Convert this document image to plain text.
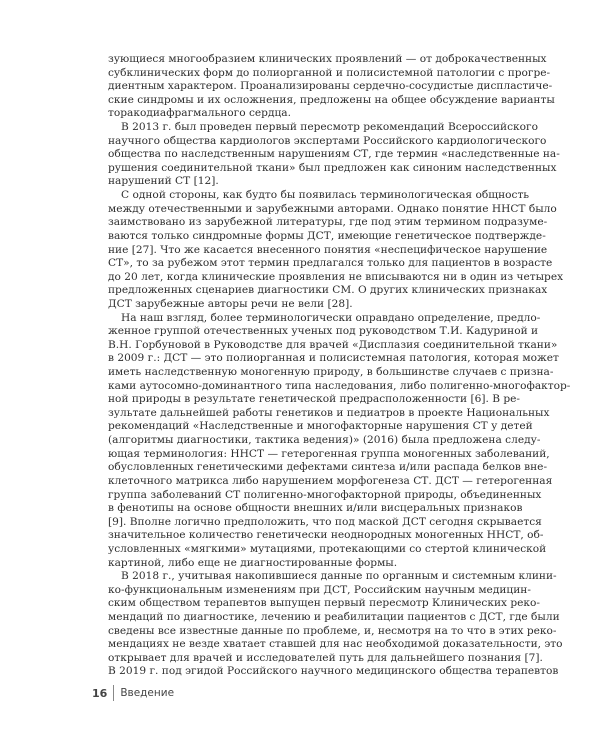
зующиеся многообразием клинических проявлений — от доброкачественных
субклинических форм до полиорганной и полисистемной патологии с прогре-
диентным характером. Проанализированы сердечно-сосудистые диспластиче-
ские синдромы и их осложнения, предложены на общее обсуждение варианты
торакодиафрагмального сердца.

В 2013 г. был проведен первый пересмотр рекомендаций Всероссийского
научного общества кардиологов экспертами Российского кардиологического
общества по наследственным нарушениям СТ, где термин «наследственные на-
рушения соединительной ткани» был предложен как синоним наследственных
нарушений СТ [12].

С одной стороны, как будто бы появилась терминологическая общность
между отечественными и зарубежными авторами. Однако понятие ННСТ было
заимствовано из зарубежной литературы, где под этим термином подразуме-
ваются только синдромные формы ДСТ, имеющие генетическое подтвержде-
ние [27]. Что же касается внесенного понятия «неспецифическое нарушение
СТ», то за рубежом этот термин предлагался только для пациентов в возрасте
до 20 лет, когда клинические проявления не вписываются ни в один из четырех
предложенных сценариев диагностики СМ. О других клинических признаках
ДСТ зарубежные авторы речи не вели [28].

На наш взгляд, более терминологически оправдано определение, предло-
женное группой отечественных ученых под руководством Т.И. Кадуриной и
В.Н. Горбуновой в Руководстве для врачей «Дисплазия соединительной ткани»
в 2009 г.: ДСТ — это полиорганная и полисистемная патология, которая может
иметь наследственную моногенную природу, в большинстве случаев с призна-
ками аутосомно-доминантного типа наследования, либо полигенно-многофактор-
ной природы в результате генетической предрасположенности [6]. В ре-
зультате дальнейшей работы генетиков и педиатров в проекте Национальных
рекомендаций «Наследственные и многофакторные нарушения СТ у детей
(алгоритмы диагностики, тактика ведения)» (2016) была предложена следу-
ющая терминология: ННСТ — гетерогенная группа моногенных заболеваний,
обусловленных генетическими дефектами синтеза и/или распада белков вне-
клеточного матрикса либо нарушением морфогенеза СТ. ДСТ — гетерогенная
группа заболеваний СТ полигенно-многофакторной природы, объединенных
в фенотипы на основе общности внешних и/или висцеральных признаков
[9]. Вполне логично предположить, что под маской ДСТ сегодня скрывается
значительное количество генетически неоднородных моногенных ННСТ, об-
условленных «мягкими» мутациями, протекающими со стертой клинической
картиной, либо еще не диагностированные формы.

В 2018 г., учитывая накопившиеся данные по органным и системным клини-
ко-функциональным изменениям при ДСТ, Российским научным медицин-
ским обществом терапевтов выпущен первый пересмотр Клинических реко-
мендаций по диагностике, лечению и реабилитации пациентов с ДСТ, где были
сведены все известные данные по проблеме, и, несмотря на то что в этих реко-
мендациях не везде хватает ставшей для нас необходимой доказательности, это
открывает для врачей и исследователей путь для дальнейшего познания [7].
В 2019 г. под эгидой Российского научного медицинского общества терапевтов

16	Введение
